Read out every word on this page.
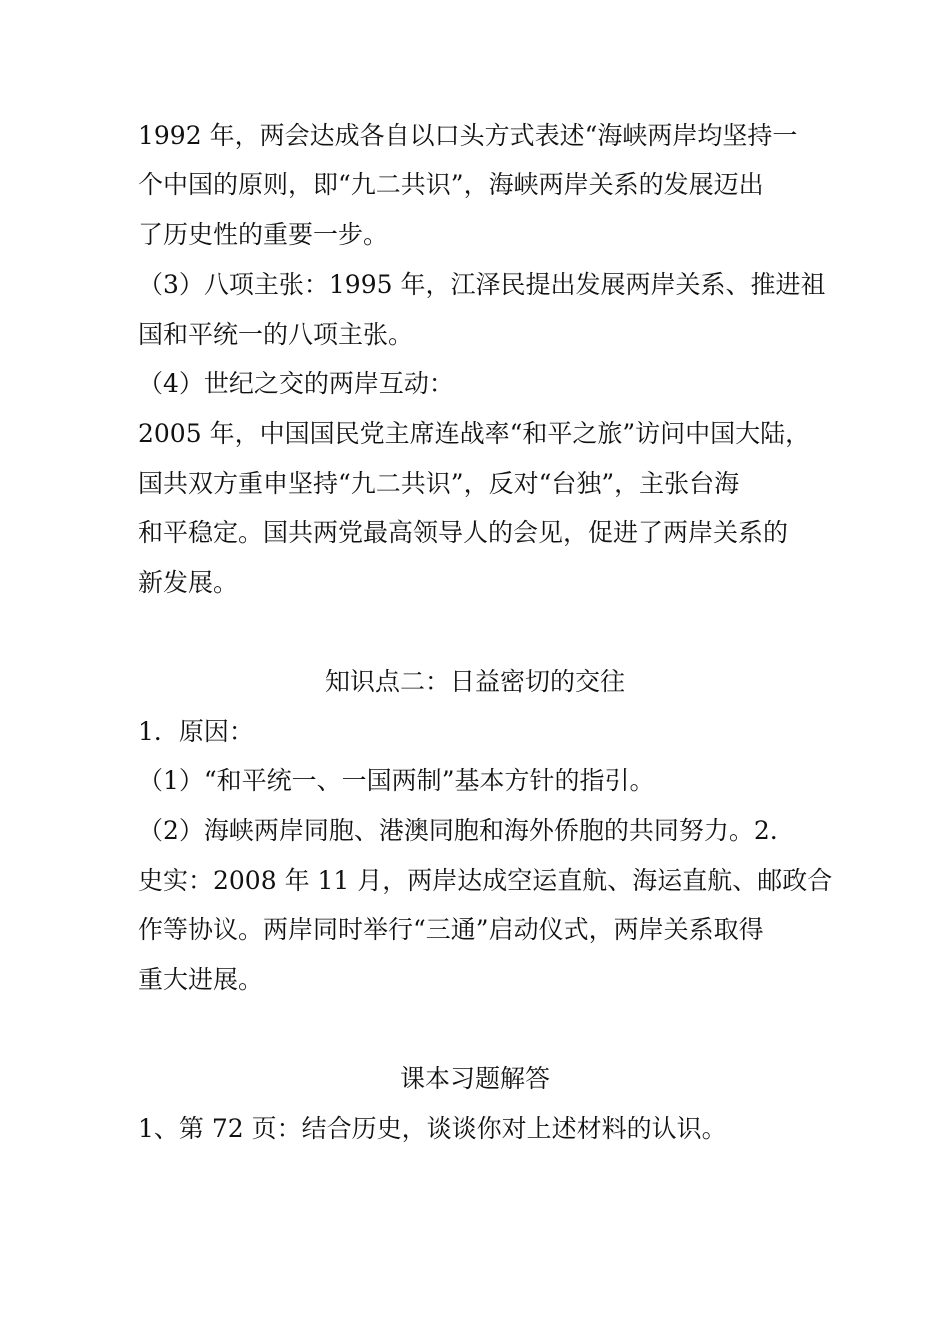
1992 年，两会达成各自以口头方式表述“海峡两岸均坚持一
个中国的原则，即“九二共识”，海峡两岸关系的发展迈出
了历史性的重要一步。
（3）八项主张：1995 年，江泽民提出发展两岸关系、推进祖
国和平统一的八项主张。
（4）世纪之交的两岸互动：
2005 年，中国国民党主席连战率“和平之旅”访问中国大陆，
国共双方重申坚持“九二共识”，反对“台独”，主张台海
和平稳定。国共两党最高领导人的会见，促进了两岸关系的
新发展。
知识点二：日益密切的交往
1．原因：
（1）“和平统一、一国两制”基本方针的指引。
（2）海峡两岸同胞、港澳同胞和海外侨胞的共同努力。2．
史实：2008 年 11 月，两岸达成空运直航、海运直航、邮政合
作等协议。两岸同时举行“三通”启动仪式，两岸关系取得
重大进展。
课本习题解答
1、第 72 页：结合历史，谈谈你对上述材料的认识。
